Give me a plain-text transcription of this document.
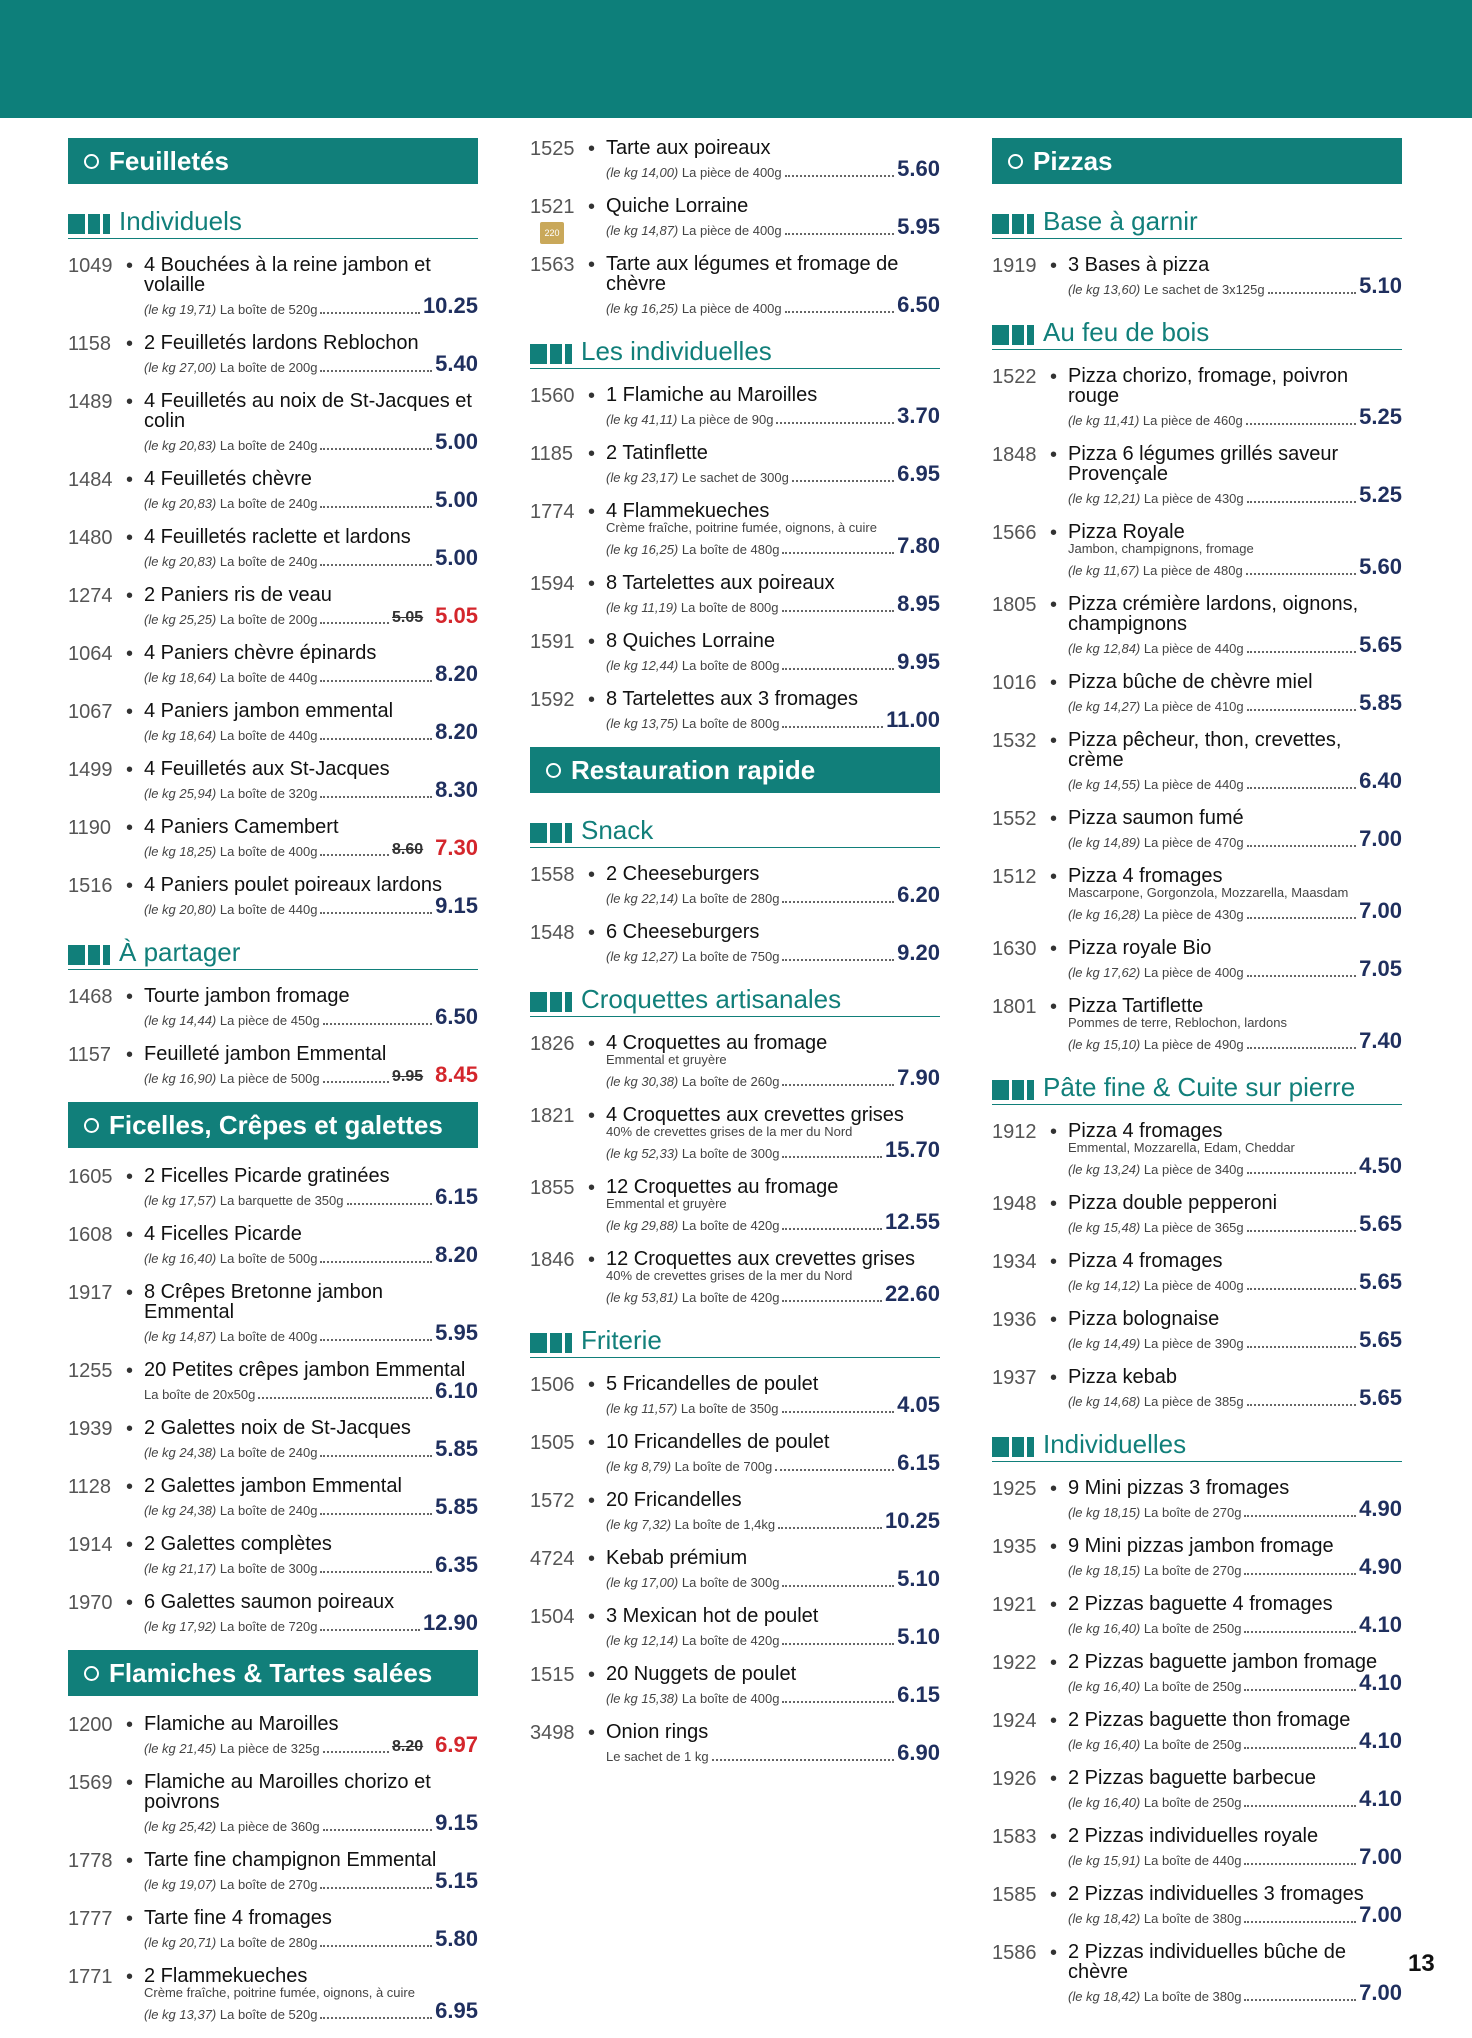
Feuilletés
Individuels
1049 • 4 Bouchées à la reine jambon et volaille
(le kg 19,71) La boîte de 520g	10.25
1158 • 2 Feuilletés lardons Reblochon
(le kg 27,00) La boîte de 200g	5.40
1489 • 4 Feuilletés au noix de St-Jacques et colin
(le kg 20,83) La boîte de 240g	5.00
1484 • 4 Feuilletés chèvre
(le kg 20,83) La boîte de 240g	5.00
1480 • 4 Feuilletés raclette et lardons
(le kg 20,83) La boîte de 240g	5.00
1274 • 2 Paniers ris de veau
(le kg 25,25) La boîte de 200g	5.05 5.05
1064 • 4 Paniers chèvre épinards
(le kg 18,64) La boîte de 440g	8.20
1067 • 4 Paniers jambon emmental
(le kg 18,64) La boîte de 440g	8.20
1499 • 4 Feuilletés aux St-Jacques
(le kg 25,94) La boîte de 320g	8.30
1190 • 4 Paniers Camembert
(le kg 18,25) La boîte de 400g	8.60 7.30
1516 • 4 Paniers poulet poireaux lardons
(le kg 20,80) La boîte de 440g	9.15
À partager
1468 • Tourte jambon fromage
(le kg 14,44) La pièce de 450g	6.50
1157 • Feuilleté jambon Emmental
(le kg 16,90) La pièce de 500g	9.95 8.45
Ficelles, Crêpes et galettes
1605 • 2 Ficelles Picarde gratinées
(le kg 17,57) La barquette de 350g	6.15
1608 • 4 Ficelles Picarde
(le kg 16,40) La boîte de 500g	8.20
1917 • 8 Crêpes Bretonne jambon Emmental
(le kg 14,87) La boîte de 400g	5.95
1255 • 20 Petites crêpes jambon Emmental
La boîte de 20x50g	6.10
1939 • 2 Galettes noix de St-Jacques
(le kg 24,38) La boîte de 240g	5.85
1128 • 2 Galettes jambon Emmental
(le kg 24,38) La boîte de 240g	5.85
1914 • 2 Galettes complètes
(le kg 21,17) La boîte de 300g	6.35
1970 • 6 Galettes saumon poireaux
(le kg 17,92) La boîte de 720g	12.90
Flamiches & Tartes salées
1200 • Flamiche au Maroilles
(le kg 21,45) La pièce de 325g	8.20 6.97
1569 • Flamiche au Maroilles chorizo et poivrons
(le kg 25,42) La pièce de 360g	9.15
1778 • Tarte fine champignon Emmental
(le kg 19,07) La boîte de 270g	5.15
1777 • Tarte fine 4 fromages
(le kg 20,71) La boîte de 280g	5.80
1771 • 2 Flammekueches
Crème fraîche, poitrine fumée, oignons, à cuire
(le kg 13,37) La boîte de 520g	6.95
1525 • Tarte aux poireaux
(le kg 14,00) La pièce de 400g	5.60
1521
220
• Quiche Lorraine
(le kg 14,87) La pièce de 400g	5.95
1563 • Tarte aux légumes et fromage de chèvre
(le kg 16,25) La pièce de 400g	6.50
Les individuelles
1560 • 1 Flamiche au Maroilles
(le kg 41,11) La pièce de 90g	3.70
1185 • 2 Tatinflette
(le kg 23,17) Le sachet de 300g	6.95
1774 • 4 Flammekueches
Crème fraîche, poitrine fumée, oignons, à cuire
(le kg 16,25) La boîte de 480g	7.80
1594 • 8 Tartelettes aux poireaux
(le kg 11,19) La boîte de 800g	8.95
1591 • 8 Quiches Lorraine
(le kg 12,44) La boîte de 800g	9.95
1592 • 8 Tartelettes aux 3 fromages
(le kg 13,75) La boîte de 800g	11.00
Restauration rapide
Snack
1558 • 2 Cheeseburgers
(le kg 22,14) La boîte de 280g	6.20
1548 • 6 Cheeseburgers
(le kg 12,27) La boîte de 750g	9.20
Croquettes artisanales
1826 • 4 Croquettes au fromage
Emmental et gruyère
(le kg 30,38) La boîte de 260g	7.90
1821 • 4 Croquettes aux crevettes grises
40% de crevettes grises de la mer du Nord
(le kg 52,33) La boîte de 300g	15.70
1855 • 12 Croquettes au fromage
Emmental et gruyère
(le kg 29,88) La boîte de 420g	12.55
1846 • 12 Croquettes aux crevettes grises
40% de crevettes grises de la mer du Nord
(le kg 53,81) La boîte de 420g	22.60
Friterie
1506 • 5 Fricandelles de poulet
(le kg 11,57) La boîte de 350g	4.05
1505 • 10 Fricandelles de poulet
(le kg 8,79) La boîte de 700g	6.15
1572 • 20 Fricandelles
(le kg 7,32) La boîte de 1,4kg	10.25
4724 • Kebab prémium
(le kg 17,00) La boîte de 300g	5.10
1504 • 3 Mexican hot de poulet
(le kg 12,14) La boîte de 420g	5.10
1515 • 20 Nuggets de poulet
(le kg 15,38) La boîte de 400g	6.15
3498 • Onion rings
Le sachet de 1 kg	6.90
Pizzas
Base à garnir
1919 • 3 Bases à pizza
(le kg 13,60) Le sachet de 3x125g	5.10
Au feu de bois
1522 • Pizza chorizo, fromage, poivron rouge
(le kg 11,41) La pièce de 460g	5.25
1848 • Pizza 6 légumes grillés saveur Provençale
(le kg 12,21) La pièce de 430g	5.25
1566 • Pizza Royale
Jambon, champignons, fromage
(le kg 11,67) La pièce de 480g	5.60
1805 • Pizza crémière lardons, oignons, champignons
(le kg 12,84) La pièce de 440g	5.65
1016 • Pizza bûche de chèvre miel
(le kg 14,27) La pièce de 410g	5.85
1532 • Pizza pêcheur, thon, crevettes, crème
(le kg 14,55) La pièce de 440g	6.40
1552 • Pizza saumon fumé
(le kg 14,89) La pièce de 470g	7.00
1512 • Pizza 4 fromages
Mascarpone, Gorgonzola, Mozzarella, Maasdam
(le kg 16,28) La pièce de 430g	7.00
1630 • Pizza royale Bio
(le kg 17,62) La pièce de 400g	7.05
1801 • Pizza Tartiflette
Pommes de terre, Reblochon, lardons
(le kg 15,10) La pièce de 490g	7.40
Pâte fine & Cuite sur pierre
1912 • Pizza 4 fromages
Emmental, Mozzarella, Edam, Cheddar
(le kg 13,24) La pièce de 340g	4.50
1948 • Pizza double pepperoni
(le kg 15,48) La pièce de 365g	5.65
1934 • Pizza 4 fromages
(le kg 14,12) La pièce de 400g	5.65
1936 • Pizza bolognaise
(le kg 14,49) La pièce de 390g	5.65
1937 • Pizza kebab
(le kg 14,68) La pièce de 385g	5.65
Individuelles
1925 • 9 Mini pizzas 3 fromages
(le kg 18,15) La boîte de 270g	4.90
1935 • 9 Mini pizzas jambon fromage
(le kg 18,15) La boîte de 270g	4.90
1921 • 2 Pizzas baguette 4 fromages
(le kg 16,40) La boîte de 250g	4.10
1922 • 2 Pizzas baguette jambon fromage
(le kg 16,40) La boîte de 250g	4.10
1924 • 2 Pizzas baguette thon fromage
(le kg 16,40) La boîte de 250g	4.10
1926 • 2 Pizzas baguette barbecue
(le kg 16,40) La boîte de 250g	4.10
1583 • 2 Pizzas individuelles royale
(le kg 15,91) La boîte de 440g	7.00
1585 • 2 Pizzas individuelles 3 fromages
(le kg 18,42) La boîte de 380g	7.00
1586 • 2 Pizzas individuelles bûche de chèvre
(le kg 18,42) La boîte de 380g	7.00
13
